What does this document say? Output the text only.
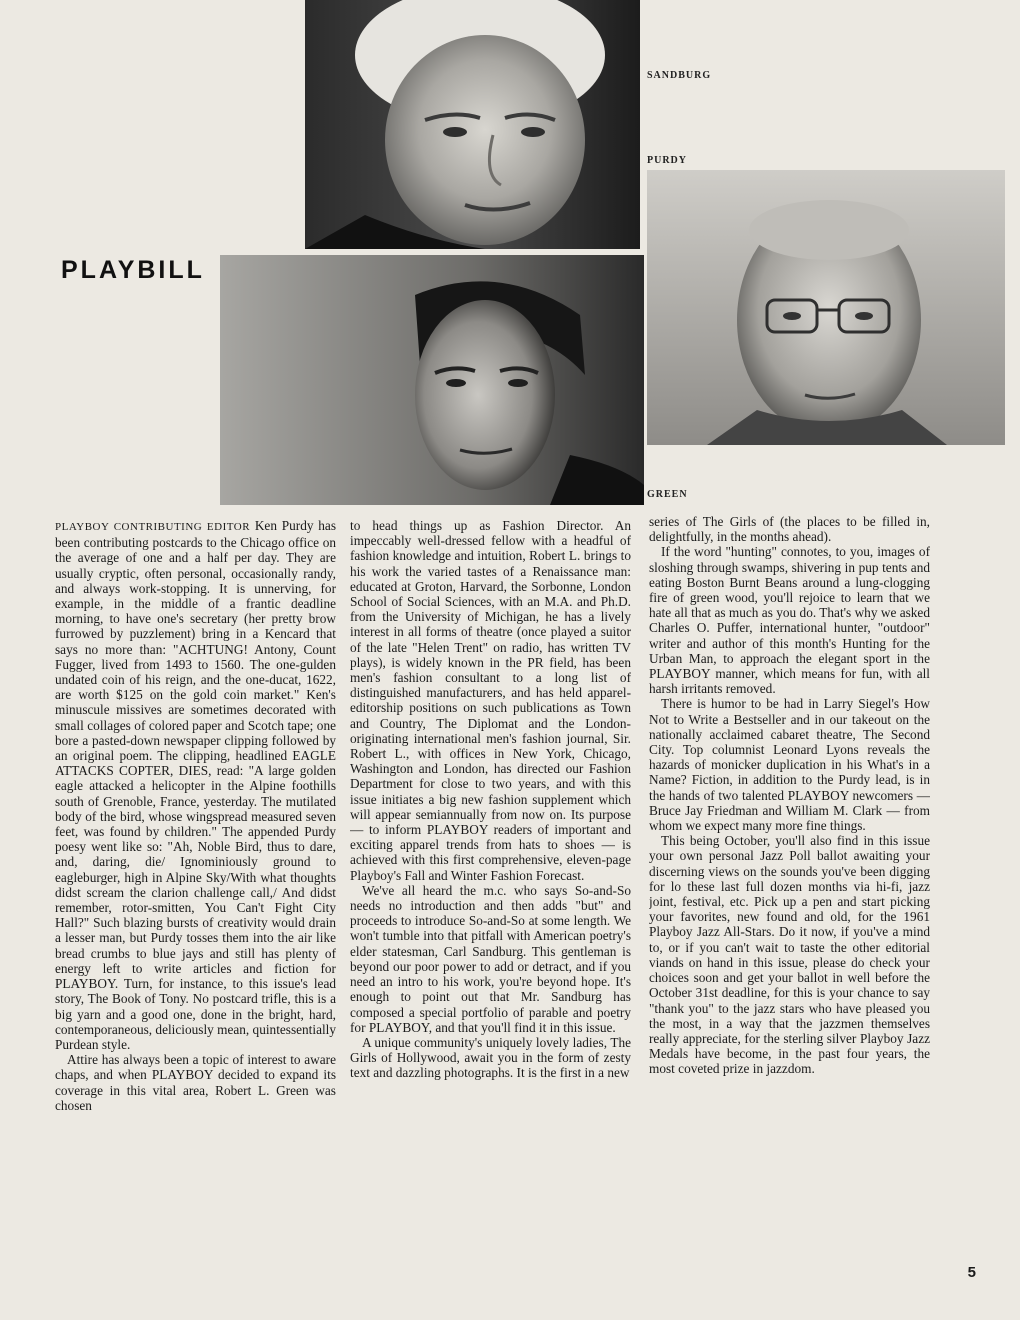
SANDBURG
PURDY
GREEN
PLAYBILL

PLAYBOY CONTRIBUTING EDITOR Ken Purdy has been contributing postcards to the Chicago office on the average of one and a half per day. They are usually cryptic, often personal, occasionally randy, and always work-stopping. It is unnerving, for example, in the middle of a frantic deadline morning, to have one's secretary (her pretty brow furrowed by puzzlement) bring in a Kencard that says no more than: "ACHTUNG! Antony, Count Fugger, lived from 1493 to 1560. The one-gulden undated coin of his reign, and the one-ducat, 1622, are worth $125 on the gold coin market." Ken's minuscule missives are sometimes decorated with small collages of colored paper and Scotch tape; one bore a pasted-down newspaper clipping followed by an original poem. The clipping, headlined EAGLE ATTACKS COPTER, DIES, read: "A large golden eagle attacked a helicopter in the Alpine foothills south of Grenoble, France, yesterday. The mutilated body of the bird, whose wingspread measured seven feet, was found by children." The appended Purdy poesy went like so: "Ah, Noble Bird, thus to dare, and, daring, die/ Ignominiously ground to eagleburger, high in Alpine Sky/With what thoughts didst scream the clarion challenge call,/ And didst remember, rotor-smitten, You Can't Fight City Hall?" Such blazing bursts of creativity would drain a lesser man, but Purdy tosses them into the air like bread crumbs to blue jays and still has plenty of energy left to write articles and fiction for PLAYBOY. Turn, for instance, to this issue's lead story, The Book of Tony. No postcard trifle, this is a big yarn and a good one, done in the bright, hard, contemporaneous, deliciously mean, quintessentially Purdean style.

Attire has always been a topic of interest to aware chaps, and when PLAYBOY decided to expand its coverage in this vital area, Robert L. Green was chosen

to head things up as Fashion Director. An impeccably well-dressed fellow with a headful of fashion knowledge and intuition, Robert L. brings to his work the varied tastes of a Renaissance man: educated at Groton, Harvard, the Sorbonne, London School of Social Sciences, with an M.A. and Ph.D. from the University of Michigan, he has a lively interest in all forms of theatre (once played a suitor of the late "Helen Trent" on radio, has written TV plays), is widely known in the PR field, has been men's fashion consultant to a long list of distinguished manufacturers, and has held apparel-editorship positions on such publications as Town and Country, The Diplomat and the London-originating international men's fashion journal, Sir. Robert L., with offices in New York, Chicago, Washington and London, has directed our Fashion Department for close to two years, and with this issue initiates a big new fashion supplement which will appear semiannually from now on. Its purpose — to inform PLAYBOY readers of important and exciting apparel trends from hats to shoes — is achieved with this first comprehensive, eleven-page Playboy's Fall and Winter Fashion Forecast.

We've all heard the m.c. who says So-and-So needs no introduction and then adds "but" and proceeds to introduce So-and-So at some length. We won't tumble into that pitfall with American poetry's elder statesman, Carl Sandburg. This gentleman is beyond our poor power to add or detract, and if you need an intro to his work, you're beyond hope. It's enough to point out that Mr. Sandburg has composed a special portfolio of parable and poetry for PLAYBOY, and that you'll find it in this issue.

A unique community's uniquely lovely ladies, The Girls of Hollywood, await you in the form of zesty text and dazzling photographs. It is the first in a new

series of The Girls of (the places to be filled in, delightfully, in the months ahead).

If the word "hunting" connotes, to you, images of sloshing through swamps, shivering in pup tents and eating Boston Burnt Beans around a lung-clogging fire of green wood, you'll rejoice to learn that we hate all that as much as you do. That's why we asked Charles O. Puffer, international hunter, "outdoor" writer and author of this month's Hunting for the Urban Man, to approach the elegant sport in the PLAYBOY manner, which means for fun, with all harsh irritants removed.

There is humor to be had in Larry Siegel's How Not to Write a Bestseller and in our takeout on the nationally acclaimed cabaret theatre, The Second City. Top columnist Leonard Lyons reveals the hazards of monicker duplication in his What's in a Name? Fiction, in addition to the Purdy lead, is in the hands of two talented PLAYBOY newcomers — Bruce Jay Friedman and William M. Clark — from whom we expect many more fine things.

This being October, you'll also find in this issue your own personal Jazz Poll ballot awaiting your discerning views on the sounds you've been digging for lo these last full dozen months via hi-fi, jazz joint, festival, etc. Pick up a pen and start picking your favorites, new found and old, for the 1961 Playboy Jazz All-Stars. Do it now, if you've a mind to, or if you can't wait to taste the other editorial viands on hand in this issue, please do check your choices soon and get your ballot in well before the October 31st deadline, for this is your chance to say "thank you" to the jazz stars who have pleased you the most, in a way that the jazzmen themselves really appreciate, for the sterling silver Playboy Jazz Medals have become, in the past four years, the most coveted prize in jazzdom.

5
